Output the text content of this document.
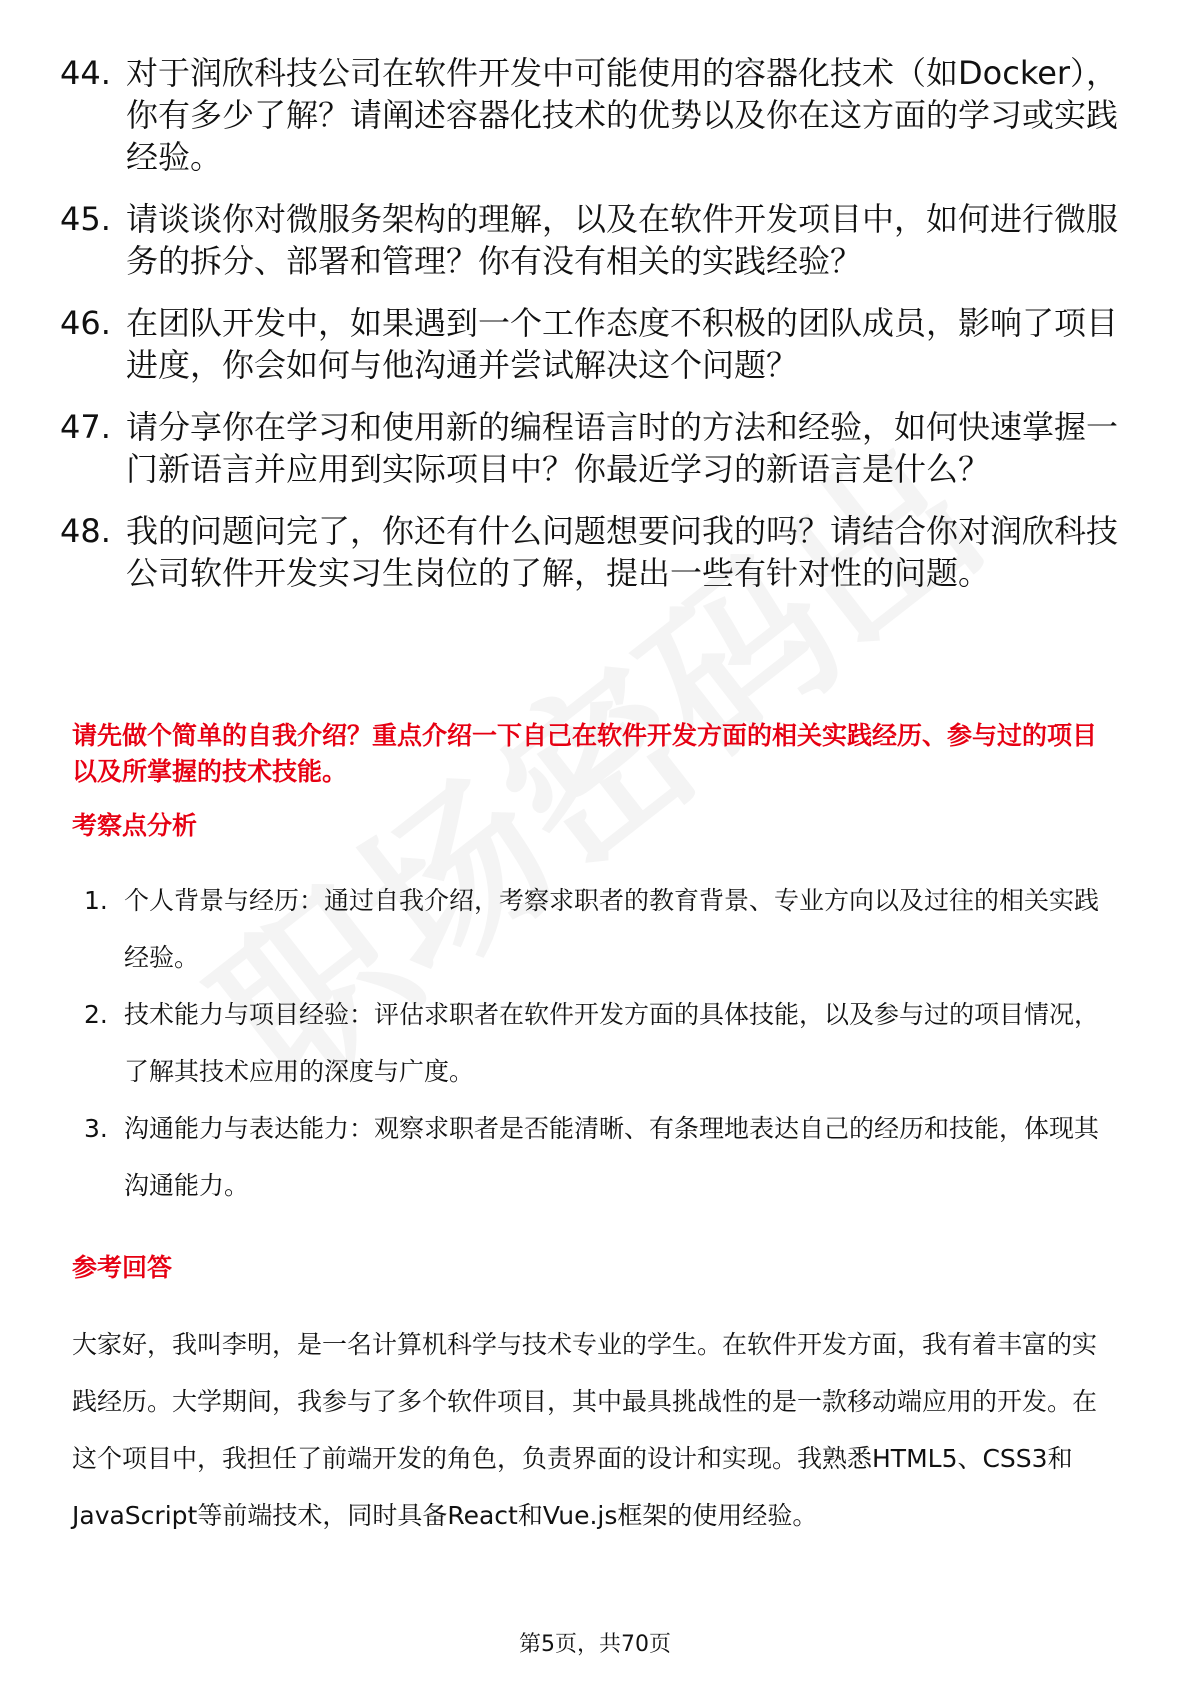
44. 对于润欣科技公司在软件开发中可能使用的容器化技术（如Docker），你有多少了解？请阐述容器化技术的优势以及你在这方面的学习或实践经验。
45. 请谈谈你对微服务架构的理解，以及在软件开发项目中，如何进行微服务的拆分、部署和管理？你有没有相关的实践经验？
46. 在团队开发中，如果遇到一个工作态度不积极的团队成员，影响了项目进度，你会如何与他沟通并尝试解决这个问题？
47. 请分享你在学习和使用新的编程语言时的方法和经验，如何快速掌握一门新语言并应用到实际项目中？你最近学习的新语言是什么？
48. 我的问题问完了，你还有什么问题想要问我的吗？请结合你对润欣科技公司软件开发实习生岗位的了解，提出一些有针对性的问题。

请先做个简单的自我介绍？重点介绍一下自己在软件开发方面的相关实践经历、参与过的项目以及所掌握的技术技能。

考察点分析

1. 个人背景与经历：通过自我介绍，考察求职者的教育背景、专业方向以及过往的相关实践经验。
2. 技术能力与项目经验：评估求职者在软件开发方面的具体技能，以及参与过的项目情况，了解其技术应用的深度与广度。
3. 沟通能力与表达能力：观察求职者是否能清晰、有条理地表达自己的经历和技能，体现其沟通能力。

参考回答

大家好，我叫李明，是一名计算机科学与技术专业的学生。在软件开发方面，我有着丰富的实践经历。大学期间，我参与了多个软件项目，其中最具挑战性的是一款移动端应用的开发。在这个项目中，我担任了前端开发的角色，负责界面的设计和实现。我熟悉HTML5、CSS3和JavaScript等前端技术，同时具备React和Vue.js框架的使用经验。

第5页，共70页
